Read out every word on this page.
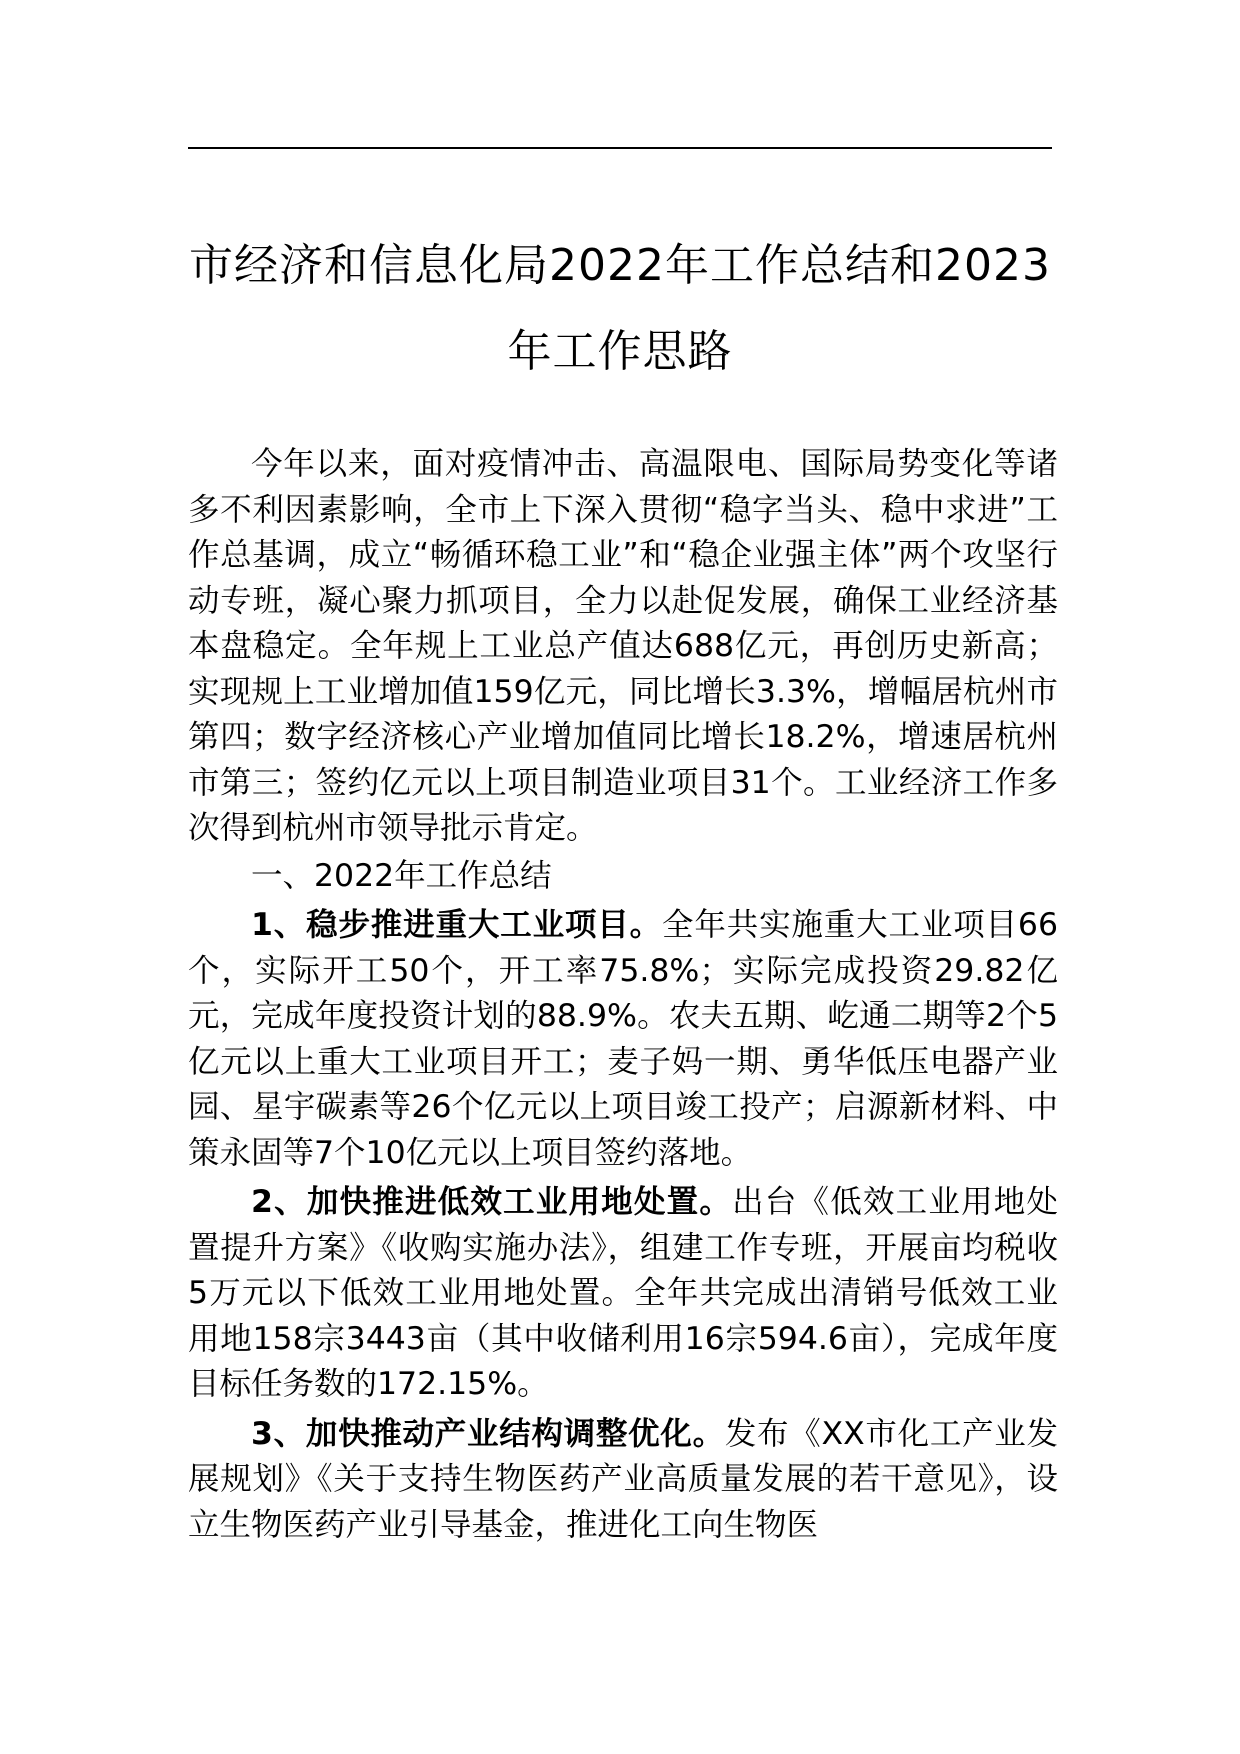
市经济和信息化局2022年工作总结和2023
年工作思路

今年以来，面对疫情冲击、高温限电、国际局势变化等诸多不利因素影响，全市上下深入贯彻“稳字当头、稳中求进”工作总基调，成立“畅循环稳工业”和“稳企业强主体”两个攻坚行动专班，凝心聚力抓项目，全力以赴促发展，确保工业经济基本盘稳定。全年规上工业总产值达688亿元，再创历史新高；实现规上工业增加值159亿元，同比增长3.3%，增幅居杭州市第四；数字经济核心产业增加值同比增长18.2%，增速居杭州市第三；签约亿元以上项目制造业项目31个。工业经济工作多次得到杭州市领导批示肯定。

一、2022年工作总结

1、稳步推进重大工业项目。全年共实施重大工业项目66个，实际开工50个，开工率75.8%；实际完成投资29.82亿元，完成年度投资计划的88.9%。农夫五期、屹通二期等2个5亿元以上重大工业项目开工；麦子妈一期、勇华低压电器产业园、星宇碳素等26个亿元以上项目竣工投产；启源新材料、中策永固等7个10亿元以上项目签约落地。

2、加快推进低效工业用地处置。出台《低效工业用地处置提升方案》《收购实施办法》，组建工作专班，开展亩均税收5万元以下低效工业用地处置。全年共完成出清销号低效工业用地158宗3443亩（其中收储利用16宗594.6亩），完成年度目标任务数的172.15%。

3、加快推动产业结构调整优化。发布《XX市化工产业发展规划》《关于支持生物医药产业高质量发展的若干意见》，设立生物医药产业引导基金，推进化工向生物医
